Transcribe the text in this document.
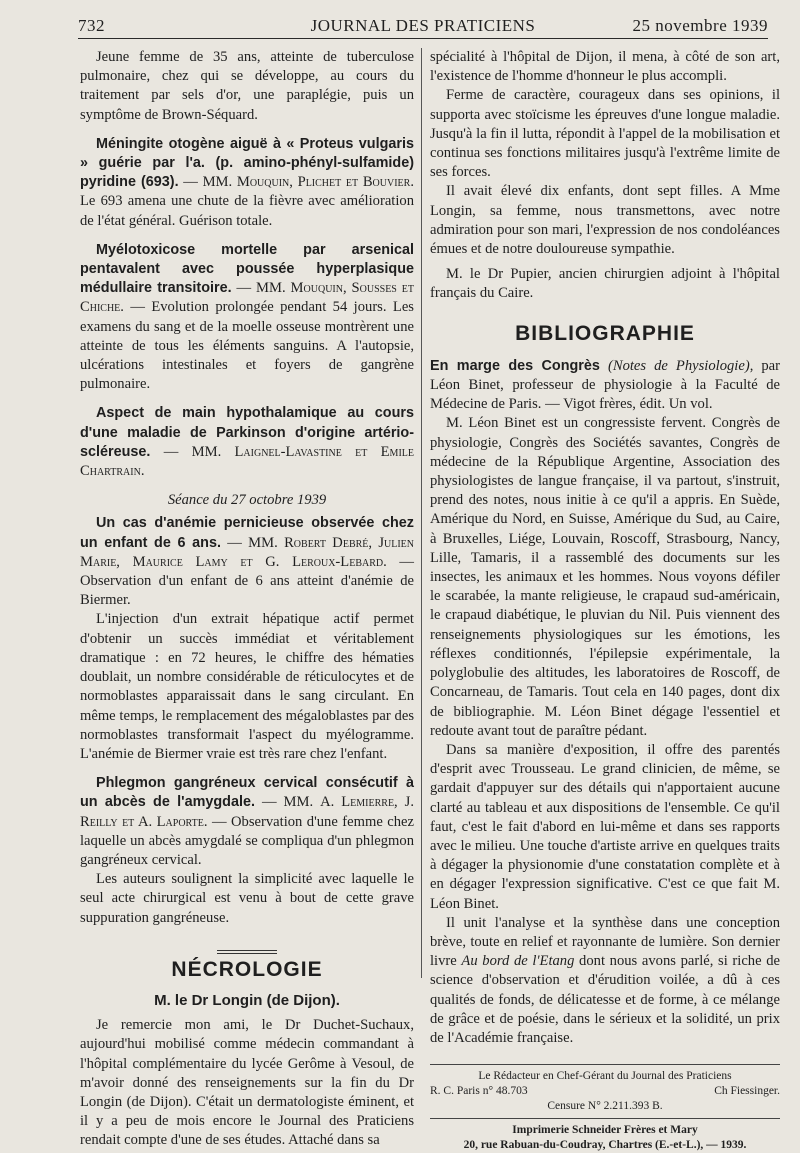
732	JOURNAL DES PRATICIENS	25 novembre 1939

Jeune femme de 35 ans, atteinte de tuberculose pulmonaire, chez qui se développe, au cours du traitement par sels d'or, une paraplégie, puis un symptôme de Brown-Séquard.

Méningite otogène aiguë à « Proteus vulgaris » guérie par l'a. (p. amino-phényl-sulfamide) pyridine (693). — MM. Mouquin, Plichet et Bouvier. Le 693 amena une chute de la fièvre avec amélioration de l'état général. Guérison totale.

Myélotoxicose mortelle par arsenical pentavalent avec poussée hyperplasique médullaire transitoire. — MM. Mouquin, Sousses et Chiche. — Evolution prolongée pendant 54 jours. Les examens du sang et de la moelle osseuse montrèrent une atteinte de tous les éléments sanguins. A l'autopsie, ulcérations intestinales et foyers de gangrène pulmonaire.

Aspect de main hypothalamique au cours d'une maladie de Parkinson d'origine artério-scléreuse. — MM. Laignel-Lavastine et Emile Chartrain.

Séance du 27 octobre 1939

Un cas d'anémie pernicieuse observée chez un enfant de 6 ans. — MM. Robert Debré, Julien Marie, Maurice Lamy et G. Leroux-Lebard. — Observation d'un enfant de 6 ans atteint d'anémie de Biermer.

L'injection d'un extrait hépatique actif permet d'obtenir un succès immédiat et véritablement dramatique : en 72 heures, le chiffre des hématies doublait, un nombre considérable de réticulocytes et de normoblastes apparaissait dans le sang circulant. En même temps, le remplacement des mégaloblastes par des normoblastes transformait l'aspect du myélogramme. L'anémie de Biermer vraie est très rare chez l'enfant.

Phlegmon gangréneux cervical consécutif à un abcès de l'amygdale. — MM. A. Lemierre, J. Reilly et A. Laporte. — Observation d'une femme chez laquelle un abcès amygdalé se compliqua d'un phlegmon gangréneux cervical.

Les auteurs soulignent la simplicité avec laquelle le seul acte chirurgical est venu à bout de cette grave suppuration gangréneuse.

NÉCROLOGIE
M. le Dr Longin (de Dijon).

Je remercie mon ami, le Dr Duchet-Suchaux, aujourd'hui mobilisé comme médecin commandant à l'hôpital complémentaire du lycée Gerôme à Vesoul, de m'avoir donné des renseignements sur la fin du Dr Longin (de Dijon). C'était un dermatologiste éminent, et il y a peu de mois encore le Journal des Praticiens rendait compte d'une de ses études. Attaché dans sa

spécialité à l'hôpital de Dijon, il mena, à côté de son art, l'existence de l'homme d'honneur le plus accompli.

Ferme de caractère, courageux dans ses opinions, il supporta avec stoïcisme les épreuves d'une longue maladie. Jusqu'à la fin il lutta, répondit à l'appel de la mobilisation et continua ses fonctions militaires jusqu'à l'extrême limite de ses forces.

Il avait élevé dix enfants, dont sept filles. A Mme Longin, sa femme, nous transmettons, avec notre admiration pour son mari, l'expression de nos condoléances émues et de notre douloureuse sympathie.

M. le Dr Pupier, ancien chirurgien adjoint à l'hôpital français du Caire.

BIBLIOGRAPHIE

En marge des Congrès (Notes de Physiologie), par Léon Binet, professeur de physiologie à la Faculté de Médecine de Paris. — Vigot frères, édit. Un vol.

M. Léon Binet est un congressiste fervent. Congrès de physiologie, Congrès des Sociétés savantes, Congrès de médecine de la République Argentine, Association des physiologistes de langue française, il va partout, s'instruit, prend des notes, nous initie à ce qu'il a appris. En Suède, Amérique du Nord, en Suisse, Amérique du Sud, au Caire, à Bruxelles, Liége, Louvain, Roscoff, Strasbourg, Nancy, Lille, Tamaris, il a rassemblé des documents sur les insectes, les animaux et les hommes. Nous voyons défiler le scarabée, la mante religieuse, le crapaud sud-américain, le crapaud diabétique, le pluvian du Nil. Puis viennent des renseignements physiologiques sur les émotions, les réflexes conditionnés, l'épilepsie expérimentale, la polyglobulie des altitudes, les laboratoires de Roscoff, de Concarneau, de Tamaris. Tout cela en 140 pages, dont dix de bibliographie. M. Léon Binet dégage l'essentiel et redoute avant tout de paraître pédant.

Dans sa manière d'exposition, il offre des parentés d'esprit avec Trousseau. Le grand clinicien, de même, se gardait d'appuyer sur des détails qui n'apportaient aucune clarté au tableau et aux dispositions de l'ensemble. Ce qu'il faut, c'est le fait d'abord en lui-même et dans ses rapports avec le milieu. Une touche d'artiste arrive en quelques traits à dégager la physionomie d'une constatation complète et à en dégager l'expression significative. C'est ce que fait M. Léon Binet.

Il unit l'analyse et la synthèse dans une conception brève, toute en relief et rayonnante de lumière. Son dernier livre Au bord de l'Etang dont nous avons parlé, si riche de science d'observation et d'érudition voilée, a dû à ces qualités de fonds, de délicatesse et de forme, à ce mélange de grâce et de poésie, dans le sérieux et la solidité, un prix de l'Académie française.

Le Rédacteur en Chef-Gérant du Journal des Praticiens
R. C. Paris n° 48.703	Ch Fiessinger.
Censure N° 2.211.393 B.
Imprimerie Schneider Frères et Mary
20, rue Rabuan-du-Coudray, Chartres (E.-et-L.), — 1939.
